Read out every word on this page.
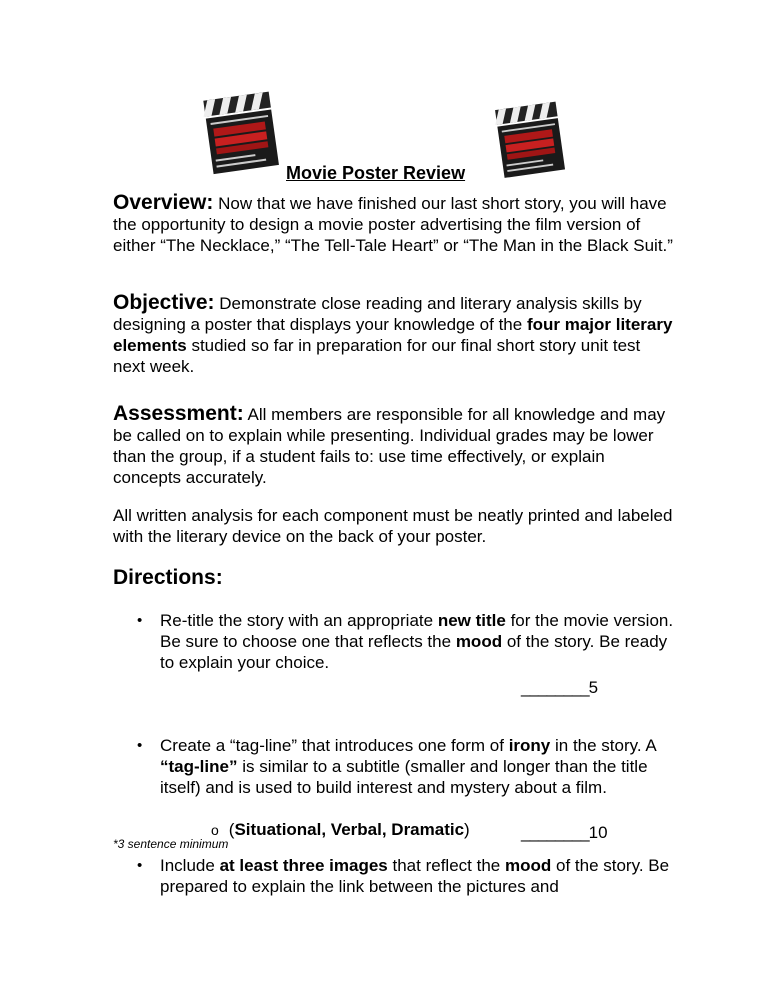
Movie Poster Review
Overview: Now that we have finished our last short story, you will have the opportunity to design a movie poster advertising the film version of either “The Necklace,” “The Tell-Tale Heart” or “The Man in the Black Suit.”
Objective: Demonstrate close reading and literary analysis skills by designing a poster that displays your knowledge of the four major literary elements studied so far in preparation for our final short story unit test next week.
Assessment: All members are responsible for all knowledge and may be called on to explain while presenting. Individual grades may be lower than the group, if a student fails to: use time effectively, or explain concepts accurately.
All written analysis for each component must be neatly printed and labeled with the literary device on the back of your poster.
Directions:
• Re-title the story with an appropriate new title for the movie version. Be sure to choose one that reflects the mood of the story. Be ready to explain your choice.
________5
• Create a “tag-line” that introduces one form of irony in the story. A “tag-line” is similar to a subtitle (smaller and longer than the title itself) and is used to build interest and mystery about a film.
o (Situational, Verbal, Dramatic)	________10
*3 sentence minimum
• Include at least three images that reflect the mood of the story. Be prepared to explain the link between the pictures and
